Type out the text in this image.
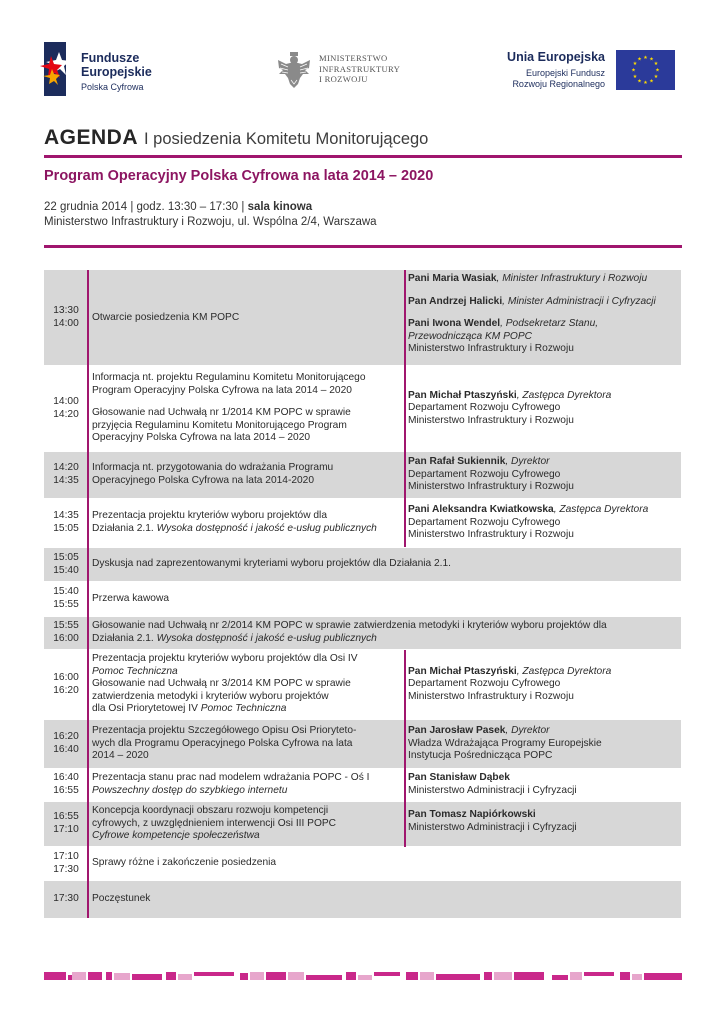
Fundusze
Europejskie
Polska Cyfrowa
MINISTERSTWO
INFRASTRUKTURY
I ROZWOJU
Unia Europejska
Europejski Fundusz
Rozwoju Regionalnego
★ ★
★
★
★
★
★
★
★
★
★
★
AGENDA I posiedzenia Komitetu Monitorującego
Program Operacyjny Polska Cyfrowa na lata 2014 – 2020
22 grudnia 2014 | godz. 13:30 – 17:30 | sala kinowa
Ministerstwo Infrastruktury i Rozwoju, ul. Wspólna 2/4, Warszawa
13:30
14:00
Otwarcie posiedzenia KM POPC
Pani Maria Wasiak, Minister Infrastruktury i Rozwoju
Pan Andrzej Halicki, Minister Administracji i Cyfryzacji
Pani Iwona Wendel, Podsekretarz Stanu,
Przewodnicząca KM POPC
Ministerstwo Infrastruktury i Rozwoju
14:00
14:20
Informacja nt. projektu Regulaminu Komitetu Monitorującego
Program Operacyjny Polska Cyfrowa na lata 2014 – 2020
Głosowanie nad Uchwałą nr 1/2014 KM POPC w sprawie
przyjęcia Regulaminu Komitetu Monitorującego Program
Operacyjny Polska Cyfrowa na lata 2014 – 2020
Pan Michał Ptaszyński, Zastępca Dyrektora
Departament Rozwoju Cyfrowego
Ministerstwo Infrastruktury i Rozwoju
14:20
14:35
Informacja nt. przygotowania do wdrażania Programu
Operacyjnego Polska Cyfrowa na lata 2014-2020
Pan Rafał Sukiennik, Dyrektor
Departament Rozwoju Cyfrowego
Ministerstwo Infrastruktury i Rozwoju
14:35
15:05
Prezentacja projektu kryteriów wyboru projektów dla
Działania 2.1. Wysoka dostępność i jakość e-usług publicznych
Pani Aleksandra Kwiatkowska, Zastępca Dyrektora
Departament Rozwoju Cyfrowego
Ministerstwo Infrastruktury i Rozwoju
15:05
15:40
Dyskusja nad zaprezentowanymi kryteriami wyboru projektów dla Działania 2.1.
15:40
15:55
Przerwa kawowa
15:55
16:00
Głosowanie nad Uchwałą nr 2/2014 KM POPC w sprawie zatwierdzenia metodyki i kryteriów wyboru projektów dla
Działania 2.1. Wysoka dostępność i jakość e-usług publicznych
16:00
16:20
Prezentacja projektu kryteriów wyboru projektów dla Osi IV
Pomoc Techniczna
Głosowanie nad Uchwałą nr 3/2014 KM POPC w sprawie
zatwierdzenia metodyki i kryteriów wyboru projektów
dla Osi Priorytetowej IV Pomoc Techniczna
Pan Michał Ptaszyński, Zastępca Dyrektora
Departament Rozwoju Cyfrowego
Ministerstwo Infrastruktury i Rozwoju
16:20
16:40
Prezentacja projektu Szczegółowego Opisu Osi Prioryteto-
wych dla Programu Operacyjnego Polska Cyfrowa na lata
2014 – 2020
Pan Jarosław Pasek, Dyrektor
Władza Wdrażająca Programy Europejskie
Instytucja Pośrednicząca POPC
16:40
16:55
Prezentacja stanu prac nad modelem wdrażania POPC - Oś I
Powszechny dostęp do szybkiego internetu
Pan Stanisław Dąbek
Ministerstwo Administracji i Cyfryzacji
16:55
17:10
Koncepcja koordynacji obszaru rozwoju kompetencji
cyfrowych, z uwzględnieniem interwencji Osi III POPC
Cyfrowe kompetencje społeczeństwa
Pan Tomasz Napiórkowski
Ministerstwo Administracji i Cyfryzacji
17:10
17:30
Sprawy różne i zakończenie posiedzenia
17:30 Poczęstunek
